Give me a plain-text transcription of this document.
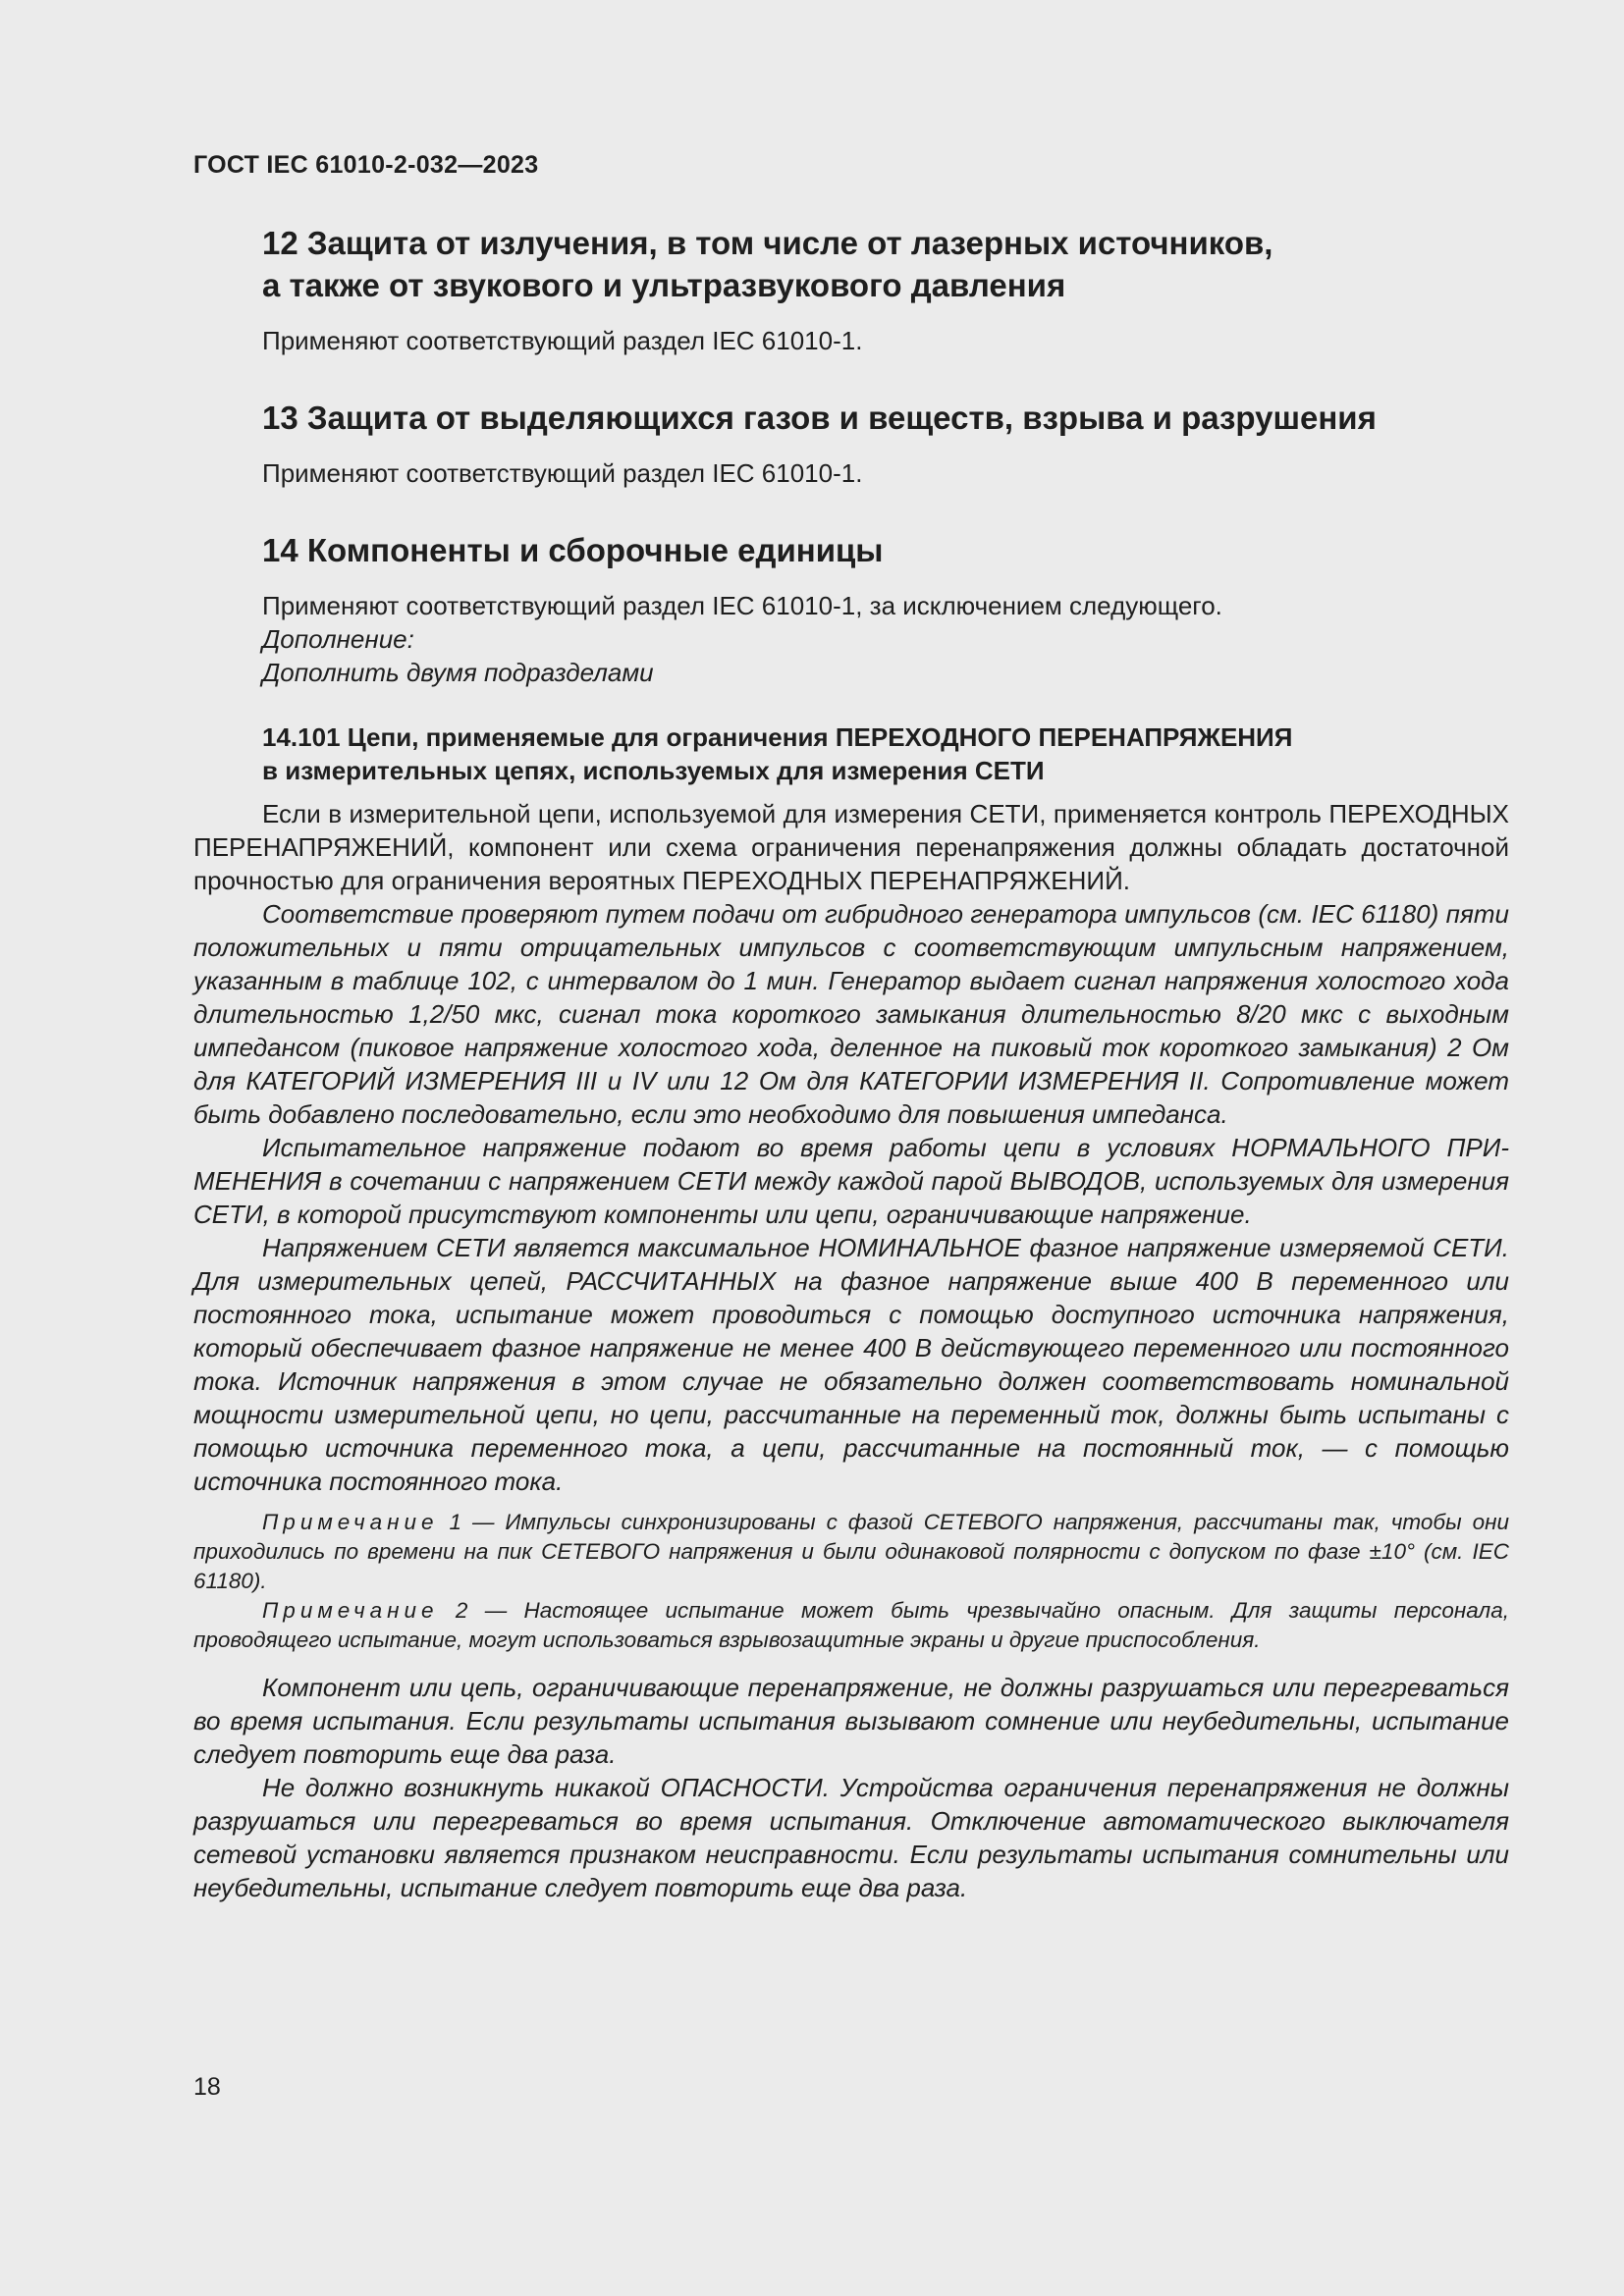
ГОСТ IEC 61010-2-032—2023
12 Защита от излучения, в том числе от лазерных источников,
а также от звукового и ультразвукового давления

Применяют соответствующий раздел IEC 61010-1.

13 Защита от выделяющихся газов и веществ, взрыва и разрушения

Применяют соответствующий раздел IEC 61010-1.

14 Компоненты и сборочные единицы
Применяют соответствующий раздел IEC 61010-1, за исключением следующего.
Дополнение:
Дополнить двумя подразделами
14.101 Цепи, применяемые для ограничения ПЕРЕХОДНОГО ПЕРЕНАПРЯЖЕНИЯ
в измерительных цепях, используемых для измерения СЕТИ

Если в измерительной цепи, используемой для измерения СЕТИ, применяется контроль ПЕРЕХОДНЫХ ПЕРЕНАПРЯЖЕНИЙ, компонент или схема ограничения перенапряжения должны обладать достаточной прочностью для ограничения вероятных ПЕРЕХОДНЫХ ПЕРЕНАПРЯЖЕНИЙ.

Соответствие проверяют путем подачи от гибридного генератора импульсов (см. IEC 61180) пяти положительных и пяти отрицательных импульсов с соответствующим импульсным напряжением, указанным в таблице 102, с интервалом до 1 мин. Генератор выдает сигнал напряжения холостого хода длительностью 1,2/50 мкс, сигнал тока короткого замыкания длительностью 8/20 мкс с выходным импедансом (пиковое напряжение холостого хода, деленное на пиковый ток короткого замыкания) 2 Ом для КАТЕГОРИЙ ИЗМЕРЕНИЯ III и IV или 12 Ом для КАТЕГОРИИ ИЗМЕРЕНИЯ II. Сопротивление может быть добавлено последовательно, если это необходимо для повышения импеданса.

Испытательное напряжение подают во время работы цепи в условиях НОРМАЛЬНОГО ПРИМЕНЕНИЯ в сочетании с напряжением СЕТИ между каждой парой ВЫВОДОВ, используемых для измерения СЕТИ, в которой присутствуют компоненты или цепи, ограничивающие напряжение.

Напряжением СЕТИ является максимальное НОМИНАЛЬНОЕ фазное напряжение измеряемой СЕТИ. Для измерительных цепей, РАССЧИТАННЫХ на фазное напряжение выше 400 В переменного или постоянного тока, испытание может проводиться с помощью доступного источника напряжения, который обеспечивает фазное напряжение не менее 400 В действующего переменного или постоянного тока. Источник напряжения в этом случае не обязательно должен соответствовать номинальной мощности измерительной цепи, но цепи, рассчитанные на переменный ток, должны быть испытаны с помощью источника переменного тока, а цепи, рассчитанные на постоянный ток, — с помощью источника постоянного тока.

Примечание 1 — Импульсы синхронизированы с фазой СЕТЕВОГО напряжения, рассчитаны так, чтобы они приходились по времени на пик СЕТЕВОГО напряжения и были одинаковой полярности с допуском по фазе ±10° (см. IEC 61180).

Примечание 2 — Настоящее испытание может быть чрезвычайно опасным. Для защиты персонала, проводящего испытание, могут использоваться взрывозащитные экраны и другие приспособления.

Компонент или цепь, ограничивающие перенапряжение, не должны разрушаться или перегреваться во время испытания. Если результаты испытания вызывают сомнение или неубедительны, испытание следует повторить еще два раза.

Не должно возникнуть никакой ОПАСНОСТИ. Устройства ограничения перенапряжения не должны разрушаться или перегреваться во время испытания. Отключение автоматического выключателя сетевой установки является признаком неисправности. Если результаты испытания сомнительны или неубедительны, испытание следует повторить еще два раза.

18
